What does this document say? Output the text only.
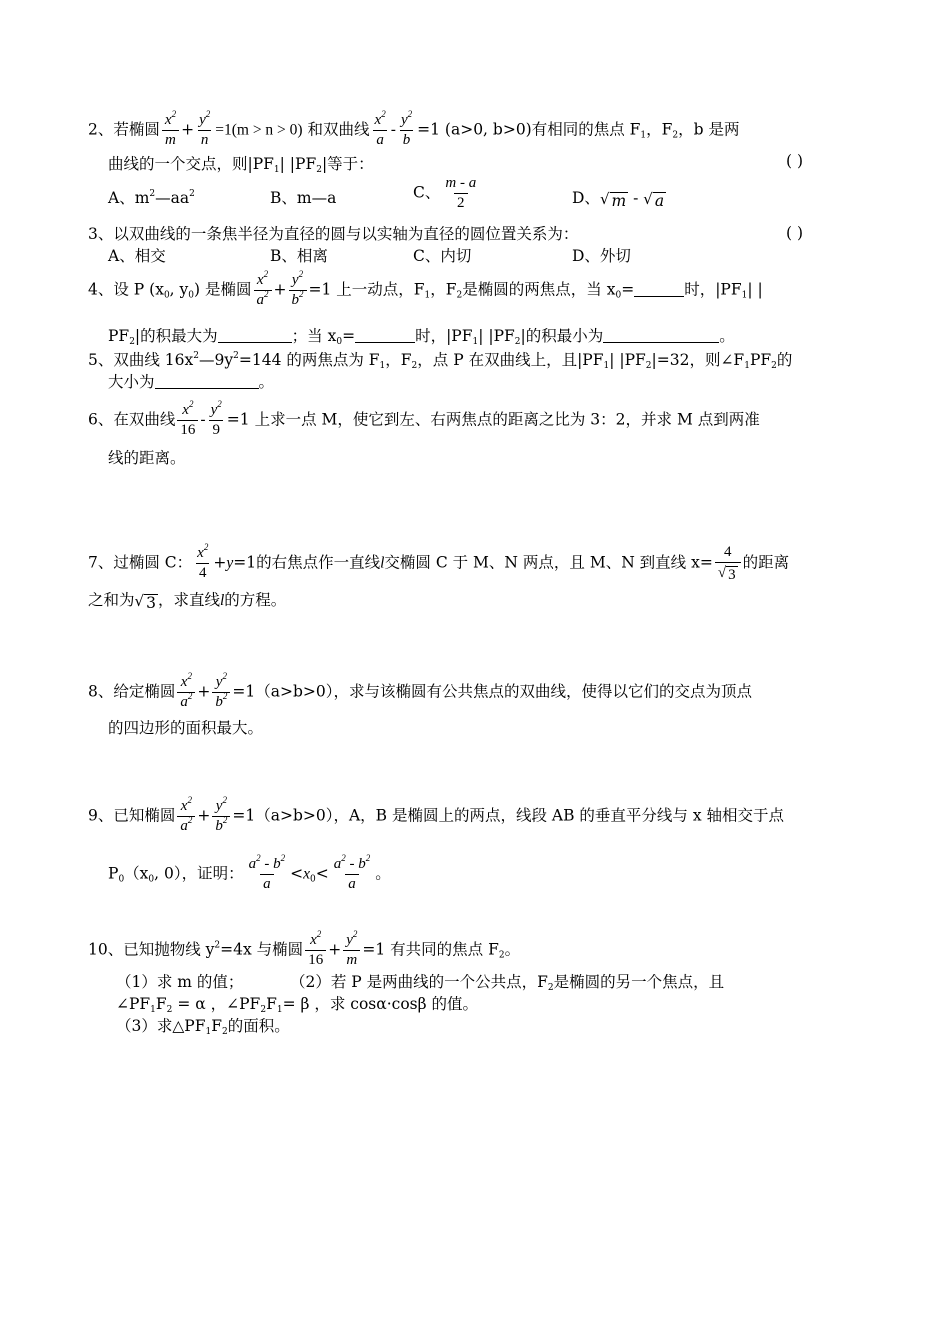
2、若椭圆 $\frac{x^2}{m} + \frac{y^2}{n} =1(m > n > 0)$ 和双曲线 $\frac{x^2}{a} - \frac{y^2}{b} =1$ (a>0, b>0)有相同的焦点 $F_1$，$F_2$，b 是两
曲线的一个交点，则$|PF_1|$ $|PF_2|$等于：	( )
A、$m^2—aa^2$	B、m—a	C、 $\frac{m - a}{2}$	D、 √ m - √ a
3、以双曲线的一条焦半径为直径的圆与以实轴为直径的圆位置关系为：	( )
A、相交	B、相离	C、内切	D、外切
4、设 P ($x_0$, $y_0$) 是椭圆 $\frac{x^2}{a^2} + \frac{y^2}{b^2} =1$ 上一动点，$F_1$，$F_2$是椭圆的两焦点，当 $x_0=$	时，$|PF_1|$ |
$PF_2|$的积最大为	；当 $x_0=$	时，$|PF_1|$ $|PF_2|$的积最小为	。
5、双曲线 $16x^2—9y^2=144$ 的两焦点为 $F_1$，$F_2$，点 P 在双曲线上，且$|PF_1|$ $|PF_2|=32$，则$\angle F_1PF_2$的
大小为	。
6、在双曲线 $\frac{x^2}{16} - \frac{y^2}{9} =1$ 上求一点 M，使它到左、右两焦点的距离之比为 3：2，并求 M 点到两准
线的距离。
7、过椭圆 C： $\frac{x^2}{4} +y=1$的右焦点作一直线l交椭圆 C 于 M、N 两点，且 M、N 到直线 $x= \frac{4}{√ 3}$ 的距离
之和为 √ 3 ，求直线l的方程。
8、给定椭圆 $\frac{x^2}{a^2} + \frac{y^2}{b^2} =1(a>b>0)$，求与该椭圆有公共焦点的双曲线，使得以它们的交点为顶点
的四边形的面积最大。
9、已知椭圆 $\frac{x^2}{a^2} + \frac{y^2}{b^2} =1(a>b>0)$，A，B 是椭圆上的两点，线段 AB 的垂直平分线与 x 轴相交于点
$P_0(x_0$, 0），证明： $\frac{a^2 - b^2}{a} <x_0< \frac{a^2 - b^2}{a}$ 。
10、已知抛物线 $y^2=4x$ 与椭圆 $\frac{x^2}{16} + \frac{y^2}{m} =1$ 有共同的焦点 $F_2$。
（1）求 m 的值；	（2）若 P 是两曲线的一个公共点，$F_2$是椭圆的另一个焦点，且
$\angle PF_1F_2 = \alpha$ ，$\angle PF_2F_1= \beta$ ，求 cosα·cosβ 的值。
（3）求$\triangle PF_1F_2$的面积。
